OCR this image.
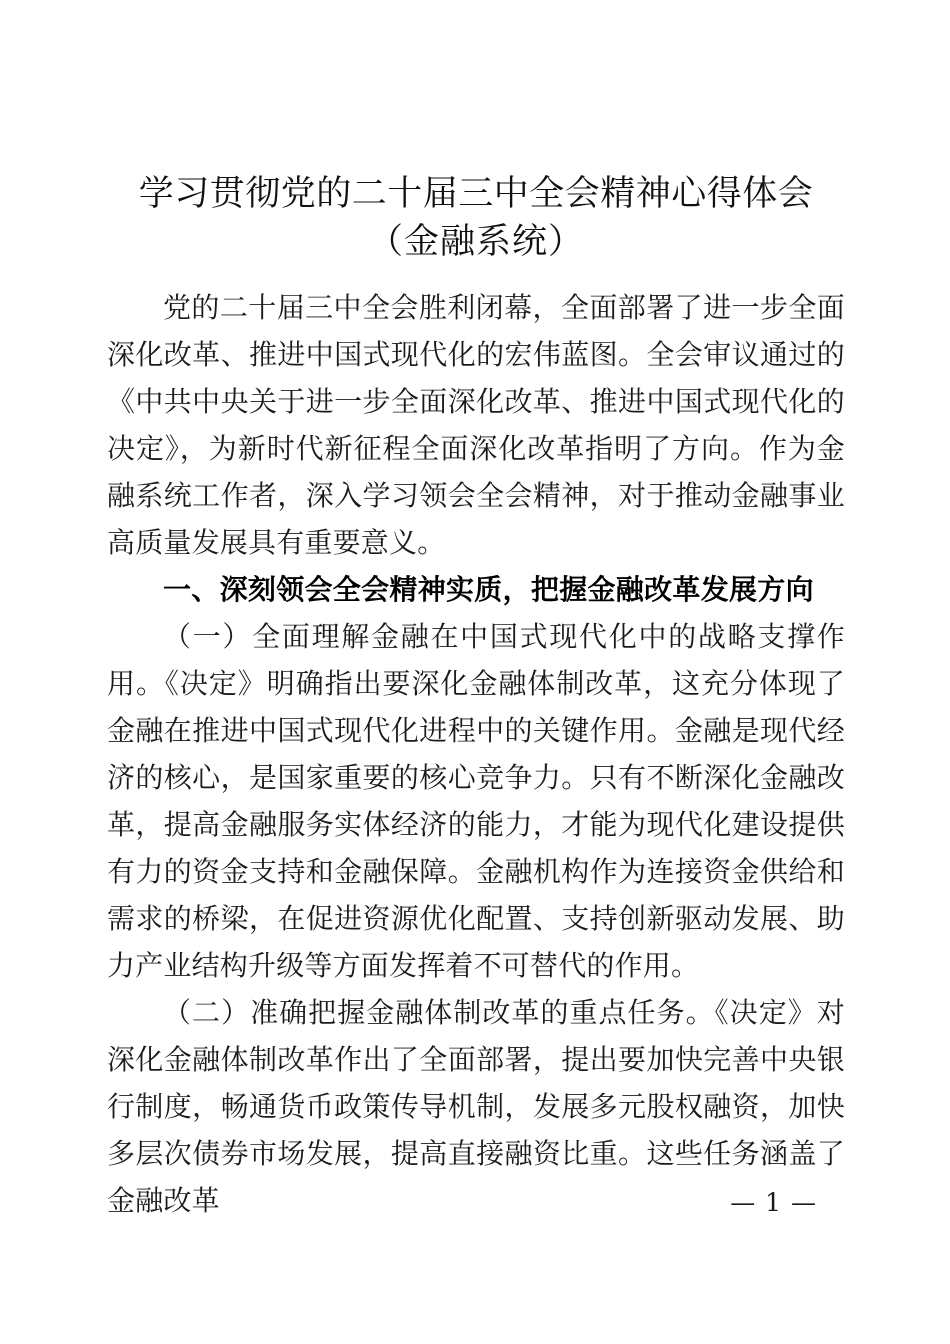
学习贯彻党的二十届三中全会精神心得体会
（金融系统）

党的二十届三中全会胜利闭幕，全面部署了进一步全面深化改革、推进中国式现代化的宏伟蓝图。全会审议通过的《中共中央关于进一步全面深化改革、推进中国式现代化的决定》，为新时代新征程全面深化改革指明了方向。作为金融系统工作者，深入学习领会全会精神，对于推动金融事业高质量发展具有重要意义。

一、深刻领会全会精神实质，把握金融改革发展方向

（一）全面理解金融在中国式现代化中的战略支撑作用。《决定》明确指出要深化金融体制改革，这充分体现了金融在推进中国式现代化进程中的关键作用。金融是现代经济的核心，是国家重要的核心竞争力。只有不断深化金融改革，提高金融服务实体经济的能力，才能为现代化建设提供有力的资金支持和金融保障。金融机构作为连接资金供给和需求的桥梁，在促进资源优化配置、支持创新驱动发展、助力产业结构升级等方面发挥着不可替代的作用。

（二）准确把握金融体制改革的重点任务。《决定》对深化金融体制改革作出了全面部署，提出要加快完善中央银行制度，畅通货币政策传导机制，发展多元股权融资，加快多层次债券市场发展，提高直接融资比重。这些任务涵盖了金融改革	— 1 —
